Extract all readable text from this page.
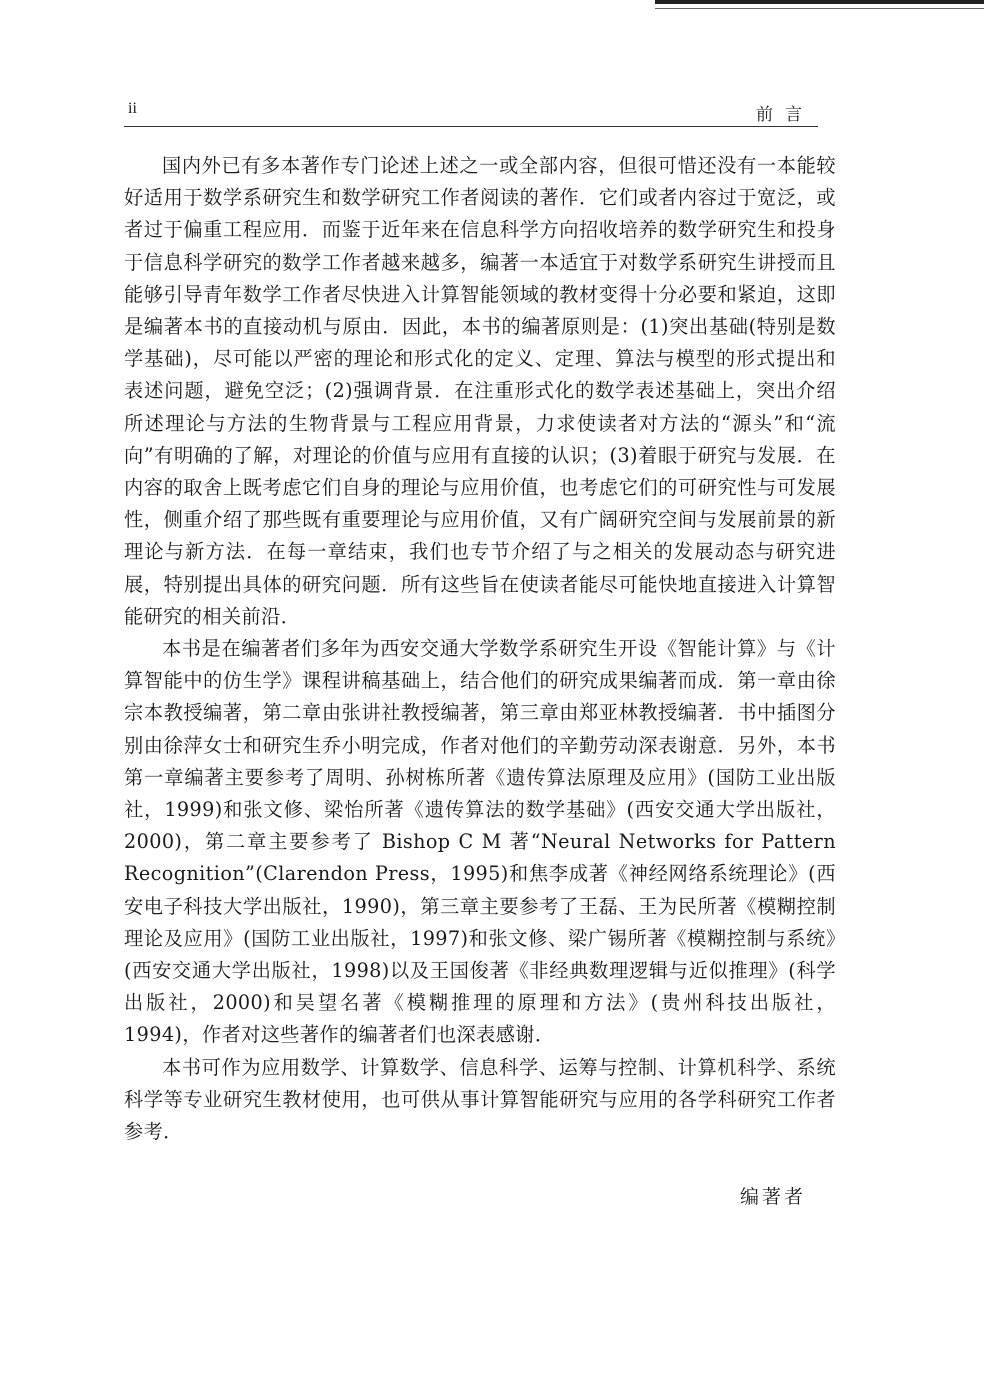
ii	前言

国内外已有多本著作专门论述上述之一或全部内容，但很可惜还没有一本能较好适用于数学系研究生和数学研究工作者阅读的著作．它们或者内容过于宽泛，或者过于偏重工程应用．而鉴于近年来在信息科学方向招收培养的数学研究生和投身于信息科学研究的数学工作者越来越多，编著一本适宜于对数学系研究生讲授而且能够引导青年数学工作者尽快进入计算智能领域的教材变得十分必要和紧迫，这即是编著本书的直接动机与原由．因此，本书的编著原则是：(1)突出基础(特别是数学基础)，尽可能以严密的理论和形式化的定义、定理、算法与模型的形式提出和表述问题，避免空泛；(2)强调背景．在注重形式化的数学表述基础上，突出介绍所述理论与方法的生物背景与工程应用背景，力求使读者对方法的“源头”和“流向”有明确的了解，对理论的价值与应用有直接的认识；(3)着眼于研究与发展．在内容的取舍上既考虑它们自身的理论与应用价值，也考虑它们的可研究性与可发展性，侧重介绍了那些既有重要理论与应用价值，又有广阔研究空间与发展前景的新理论与新方法．在每一章结束，我们也专节介绍了与之相关的发展动态与研究进展，特别提出具体的研究问题．所有这些旨在使读者能尽可能快地直接进入计算智能研究的相关前沿．

本书是在编著者们多年为西安交通大学数学系研究生开设《智能计算》与《计算智能中的仿生学》课程讲稿基础上，结合他们的研究成果编著而成．第一章由徐宗本教授编著，第二章由张讲社教授编著，第三章由郑亚林教授编著．书中插图分别由徐萍女士和研究生乔小明完成，作者对他们的辛勤劳动深表谢意．另外，本书第一章编著主要参考了周明、孙树栋所著《遗传算法原理及应用》(国防工业出版社，1999)和张文修、梁怡所著《遗传算法的数学基础》(西安交通大学出版社，2000)，第二章主要参考了 Bishop C M 著“Neural Networks for Pattern Recognition”(Clarendon Press，1995)和焦李成著《神经网络系统理论》(西安电子科技大学出版社，1990)，第三章主要参考了王磊、王为民所著《模糊控制理论及应用》(国防工业出版社，1997)和张文修、梁广锡所著《模糊控制与系统》(西安交通大学出版社，1998)以及王国俊著《非经典数理逻辑与近似推理》(科学出版社，2000)和吴望名著《模糊推理的原理和方法》(贵州科技出版社，1994)，作者对这些著作的编著者们也深表感谢．

本书可作为应用数学、计算数学、信息科学、运筹与控制、计算机科学、系统科学等专业研究生教材使用，也可供从事计算智能研究与应用的各学科研究工作者参考．

编著者
